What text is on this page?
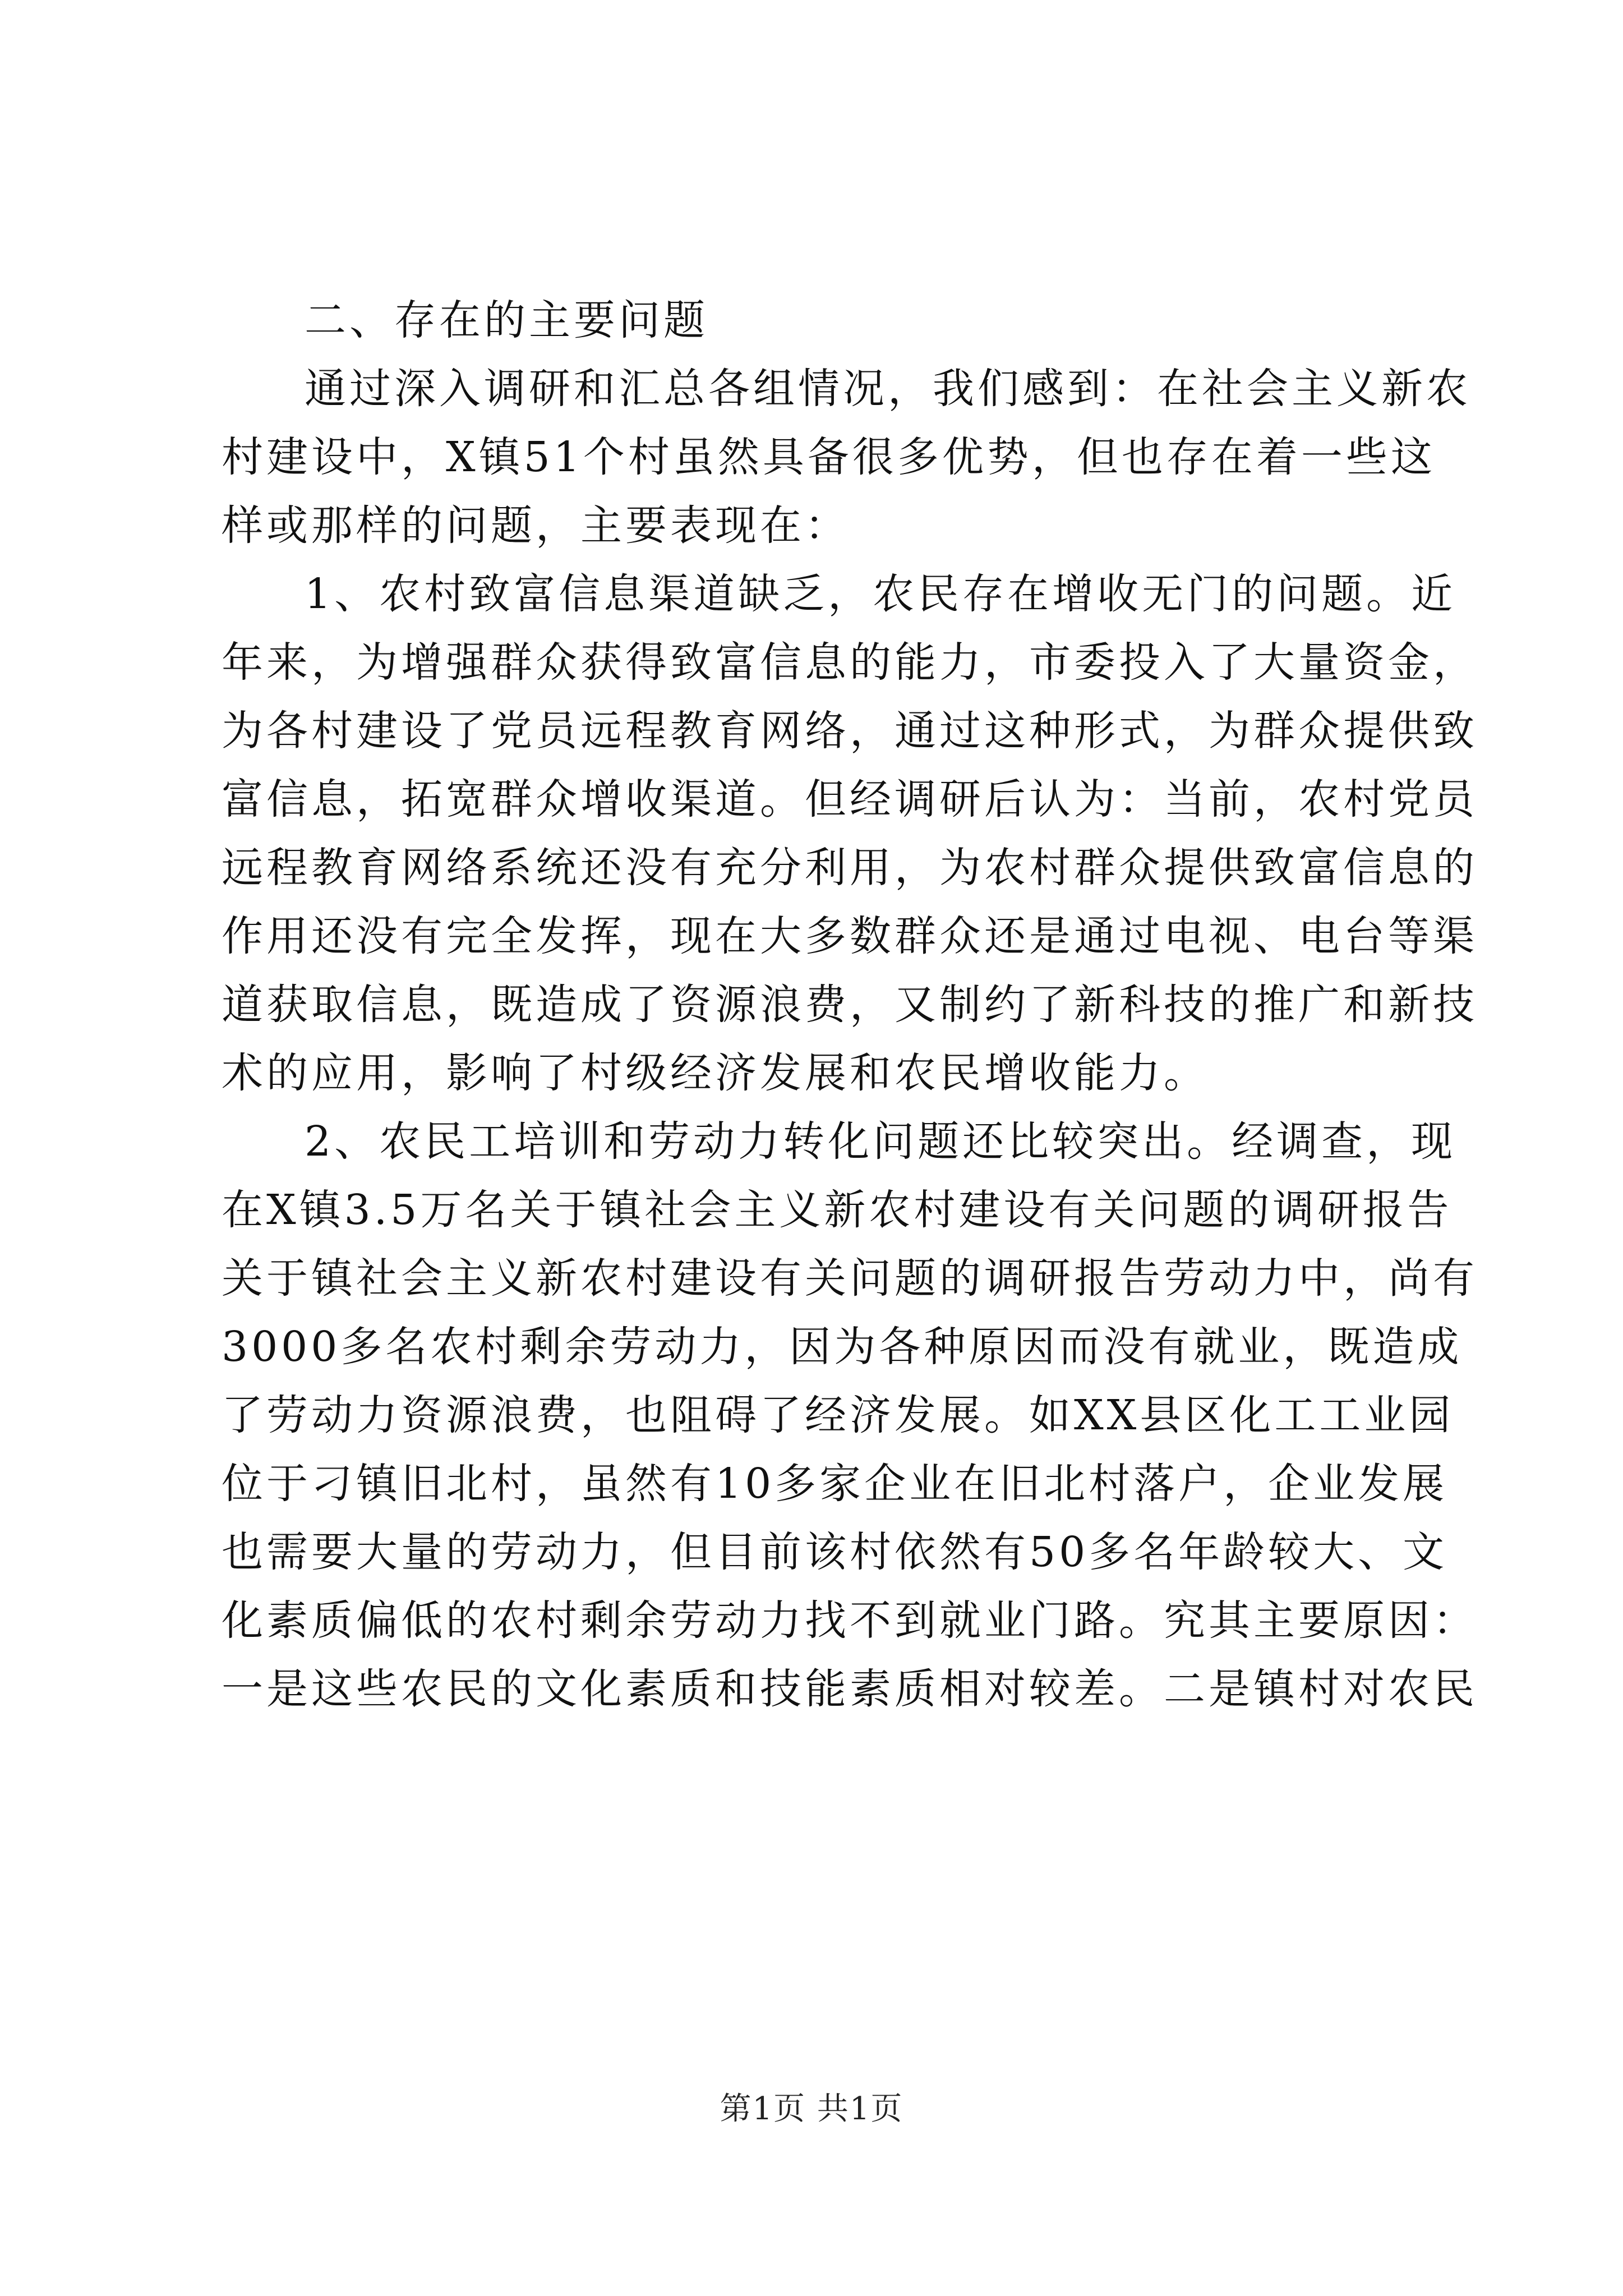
二、存在的主要问题
通过深入调研和汇总各组情况，我们感到：在社会主义新农
村建设中，X镇51个村虽然具备很多优势，但也存在着一些这
样或那样的问题，主要表现在：
1、农村致富信息渠道缺乏，农民存在增收无门的问题。近
年来，为增强群众获得致富信息的能力，市委投入了大量资金，
为各村建设了党员远程教育网络，通过这种形式，为群众提供致
富信息，拓宽群众增收渠道。但经调研后认为：当前，农村党员
远程教育网络系统还没有充分利用，为农村群众提供致富信息的
作用还没有完全发挥，现在大多数群众还是通过电视、电台等渠
道获取信息，既造成了资源浪费，又制约了新科技的推广和新技
术的应用，影响了村级经济发展和农民增收能力。
2、农民工培训和劳动力转化问题还比较突出。经调查，现
在X镇3.5万名关于镇社会主义新农村建设有关问题的调研报告
关于镇社会主义新农村建设有关问题的调研报告劳动力中，尚有
3000多名农村剩余劳动力，因为各种原因而没有就业，既造成
了劳动力资源浪费，也阻碍了经济发展。如XX县区化工工业园
位于刁镇旧北村，虽然有10多家企业在旧北村落户，企业发展
也需要大量的劳动力，但目前该村依然有50多名年龄较大、文
化素质偏低的农村剩余劳动力找不到就业门路。究其主要原因：
一是这些农民的文化素质和技能素质相对较差。二是镇村对农民
第1页 共1页
